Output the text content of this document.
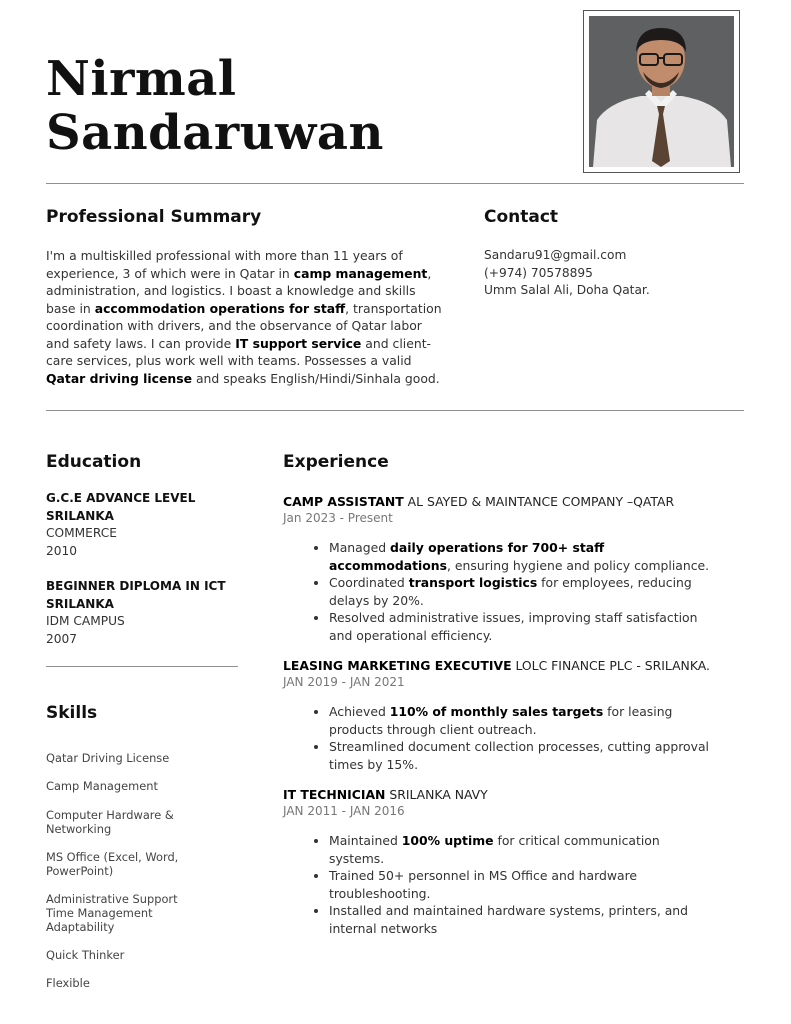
Nirmal
Sandaruwan
Professional Summary

I'm a multiskilled professional with more than 11 years of experience, 3 of which were in Qatar in camp management, administration, and logistics. I boast a knowledge and skills base in accommodation operations for staff, transportation coordination with drivers, and the observance of Qatar labor and safety laws. I can provide IT support service and client-care services, plus work well with teams. Possesses a valid Qatar driving license and speaks English/Hindi/Sinhala good.

Contact
Sandaru91@gmail.com
(+974) 70578895
Umm Salal Ali, Doha Qatar.
Education
G.C.E ADVANCE LEVEL SRILANKA
COMMERCE
2010
BEGINNER DIPLOMA IN ICT SRILANKA
IDM CAMPUS
2007
Skills
Qatar Driving License
Camp Management
Computer Hardware & Networking
MS Office (Excel, Word, PowerPoint)
Administrative Support
Time Management
Adaptability
Quick Thinker
Flexible
Experience
CAMP ASSISTANT AL SAYED & MAINTANCE COMPANY –QATAR
Jan 2023 - Present
• Managed daily operations for 700+ staff accommodations, ensuring hygiene and policy compliance.
• Coordinated transport logistics for employees, reducing delays by 20%.
• Resolved administrative issues, improving staff satisfaction and operational efficiency.
LEASING MARKETING EXECUTIVE LOLC FINANCE PLC - SRILANKA.
JAN 2019 - JAN 2021
• Achieved 110% of monthly sales targets for leasing products through client outreach.
• Streamlined document collection processes, cutting approval times by 15%.
IT TECHNICIAN SRILANKA NAVY
JAN 2011 - JAN 2016
• Maintained 100% uptime for critical communication systems.
• Trained 50+ personnel in MS Office and hardware troubleshooting.
• Installed and maintained hardware systems, printers, and internal networks
